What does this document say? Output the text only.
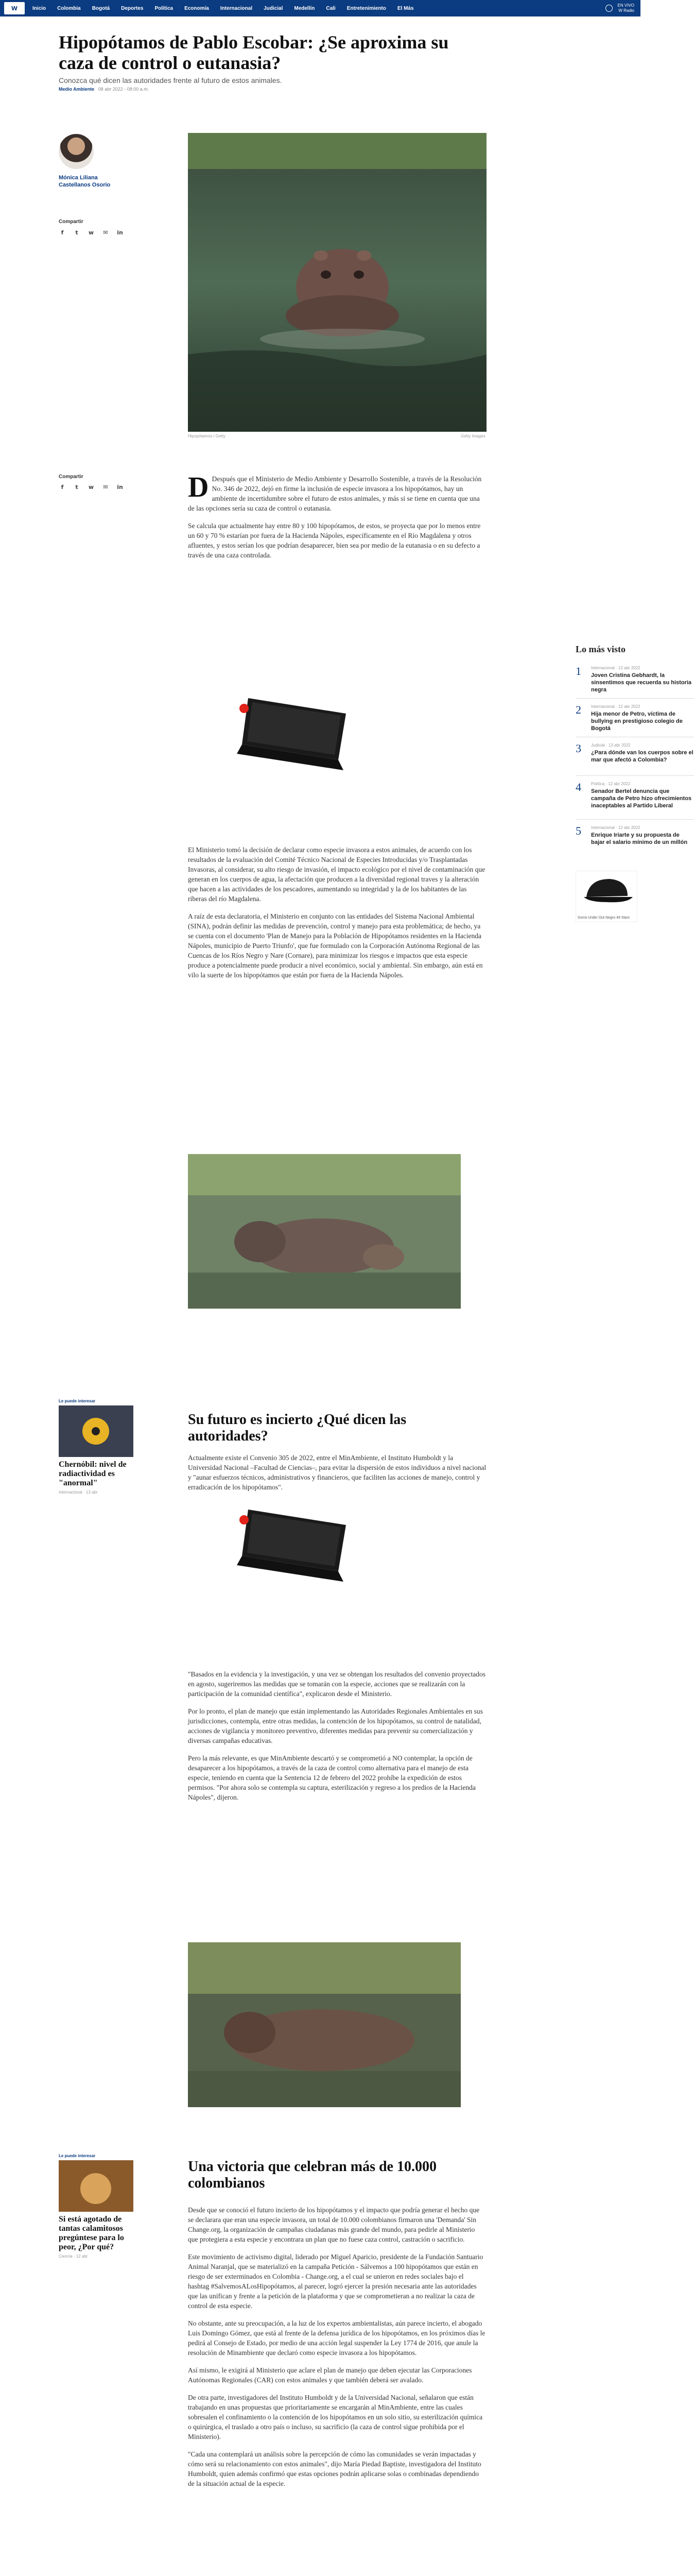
W	Inicio	Colombia	Bogotá	Deportes	Política	Economía	Internacional	Judicial	Medellín	Cali	Entretenimiento	El Más	EN VIVO
W Radio
Hipopótamos de Pablo Escobar: ¿Se aproxima su caza de control o eutanasia?
Conozca qué dicen las autoridades frente al futuro de estos animales.
Medio Ambiente 08 abr 2022 - 08:00 a.m.
Mónica Liliana Castellanos Osorio
Compartir
f	t	w ✉ in
Hipopótamos / Getty	Getty Images
Compartir
f	t	w ✉ in D Después que el Ministerio de Medio Ambiente y Desarrollo Sostenible, a través de la Resolución No. 346 de 2022, dejó en firme la inclusión de especie invasora a los hipopótamos, hay un ambiente de incertidumbre sobre el futuro de estos animales, y más si se tiene en cuenta que una de las opciones sería su caza de control o eutanasia.

Se calcula que actualmente hay entre 80 y 100 hipopótamos, de estos, se proyecta que por lo menos entre un 60 y 70 % estarían por fuera de la Hacienda Nápoles, específicamente en el Río Magdalena y otros afluentes, y estos serían los que podrían desaparecer, bien sea por medio de la eutanasia o en su defecto a través de una caza controlada.

El Ministerio tomó la decisión de declarar como especie invasora a estos animales, de acuerdo con los resultados de la evaluación del Comité Técnico Nacional de Especies Introducidas y/o Trasplantadas Invasoras, al considerar, su alto riesgo de invasión, el impacto ecológico por el nivel de contaminación que generan en los cuerpos de agua, la afectación que producen a la diversidad regional traves y la alteración que hacen a las actividades de los pescadores, aumentando su integridad y la de los habitantes de las riberas del río Magdalena.

A raíz de esta declaratoria, el Ministerio en conjunto con las entidades del Sistema Nacional Ambiental (SINA), podrán definir las medidas de prevención, control y manejo para esta problemática; de hecho, ya se cuenta con el documento 'Plan de Manejo para la Población de Hipopótamos residentes en la Hacienda Nápoles, municipio de Puerto Triunfo', que fue formulado con la Corporación Autónoma Regional de las Cuencas de los Ríos Negro y Nare (Cornare), para minimizar los riesgos e impactos que esta especie produce a potencialmente puede producir a nivel económico, social y ambiental. Sin embargo, aún está en vilo la suerte de los hipopótamos que están por fuera de la Hacienda Nápoles.

Le puede interesar
Chernóbil: nivel de radiactividad es "anormal"
Internacional · 13 abr
Su futuro es incierto ¿Qué dicen las autoridades?

Actualmente existe el Convenio 305 de 2022, entre el MinAmbiente, el Instituto Humboldt y la Universidad Nacional –Facultad de Ciencias–, para evitar la dispersión de estos individuos a nivel nacional y "aunar esfuerzos técnicos, administrativos y financieros, que faciliten las acciones de manejo, control y erradicación de los hipopótamos".

"Basados en la evidencia y la investigación, y una vez se obtengan los resultados del convenio proyectados en agosto, sugeriremos las medidas que se tomarán con la especie, acciones que se realizarán con la participación de la comunidad científica", explicaron desde el Ministerio.

Por lo pronto, el plan de manejo que están implementando las Autoridades Regionales Ambientales en sus jurisdicciones, contempla, entre otras medidas, la contención de los hipopótamos, su control de natalidad, acciones de vigilancia y monitoreo preventivo, diferentes medidas para prevenir su comercialización y diversas campañas educativas.

Pero la más relevante, es que MinAmbiente descartó y se comprometió a NO contemplar, la opción de desaparecer a los hipopótamos, a través de la caza de control como alternativa para el manejo de esta especie, teniendo en cuenta que la Sentencia 12 de febrero del 2022 prohíbe la expedición de estos permisos. "Por ahora solo se contempla su captura, esterilización y regreso a los predios de la Hacienda Nápoles", dijeron.

Le puede interesar
Si está agotado de tantas calamitosos pregúntese para lo peor, ¿Por qué?
Ciencia · 12 abr
Una victoria que celebran más de 10.000 colombianos

Desde que se conoció el futuro incierto de los hipopótamos y el impacto que podría generar el hecho que se declarara que eran una especie invasora, un total de 10.000 colombianos firmaron una 'Demanda' Sin Change.org, la organización de campañas ciudadanas más grande del mundo, para pedirle al Ministerio que protegiera a esta especie y encontrara un plan que no fuese caza control, castración o sacrificio.

Este movimiento de activismo digital, liderado por Miguel Aparicio, presidente de la Fundación Santuario Animal Naranjal, que se materializó en la campaña Petición - Sálvemos a 100 hipopótamos que están en riesgo de ser exterminados en Colombia - Change.org, a el cual se unieron en redes sociales bajo el hashtag #SalvemosALosHipopótamos, al parecer, logró ejercer la presión necesaria ante las autoridades que las unifican y frente a la petición de la plataforma y que se comprometieran a no realizar la caza de control de esta especie.

No obstante, ante su preocupación, a la luz de los expertos ambientalistas, aún parece incierto, el abogado Luis Domingo Gómez, que está al frente de la defensa jurídica de los hipopótamos, en los próximos días le pedirá al Consejo de Estado, por medio de una acción legal suspender la Ley 1774 de 2016, que anule la resolución de Minambiente que declaró como especie invasora a los hipopótamos.

Así mismo, le exigirá al Ministerio que aclare el plan de manejo que deben ejecutar las Corporaciones Autónomas Regionales (CAR) con estos animales y que también deberá ser avalado.

De otra parte, investigadores del Instituto Humboldt y de la Universidad Nacional, señalaron que están trabajando en unas propuestas que prioritariamente se encargarán al MinAmbiente, entre las cuales sobresalen el confinamiento o la contención de los hipopótamos en un solo sitio, su esterilización química o quirúrgica, el traslado a otro país o incluso, su sacrificio (la caza de control sigue prohibida por el Ministerio).

"Cada una contemplará un análisis sobre la percepción de cómo las comunidades se verán impactadas y cómo será su relacionamiento con estos animales", dijo María Piedad Baptiste, investigadora del Instituto Humboldt, quien además confirmó que estas opciones podrán aplicarse solas o combinadas dependiendo de la situación actual de la especie.

Lo más visto
1 Internacional · 12 abr 2022
Joven Cristina Gebhardt, la sinsentimos que recuerda su historia negra
2 Internacional · 12 abr 2022
Hija menor de Petro, víctima de bullying en prestigioso colegio de Bogotá
3 Judicial · 13 abr 2022
¿Para dónde van los cuerpos sobre el mar que afectó a Colombia?
4 Política · 12 abr 2022
Senador Bertel denuncia que campaña de Petro hizo ofrecimientos inaceptables al Partido Liberal
5 Internacional · 12 abr 2022
Enrique Iriarte y su propuesta de bajar el salario mínimo de un millón
Gorra Under Out Negro 49 Stars
